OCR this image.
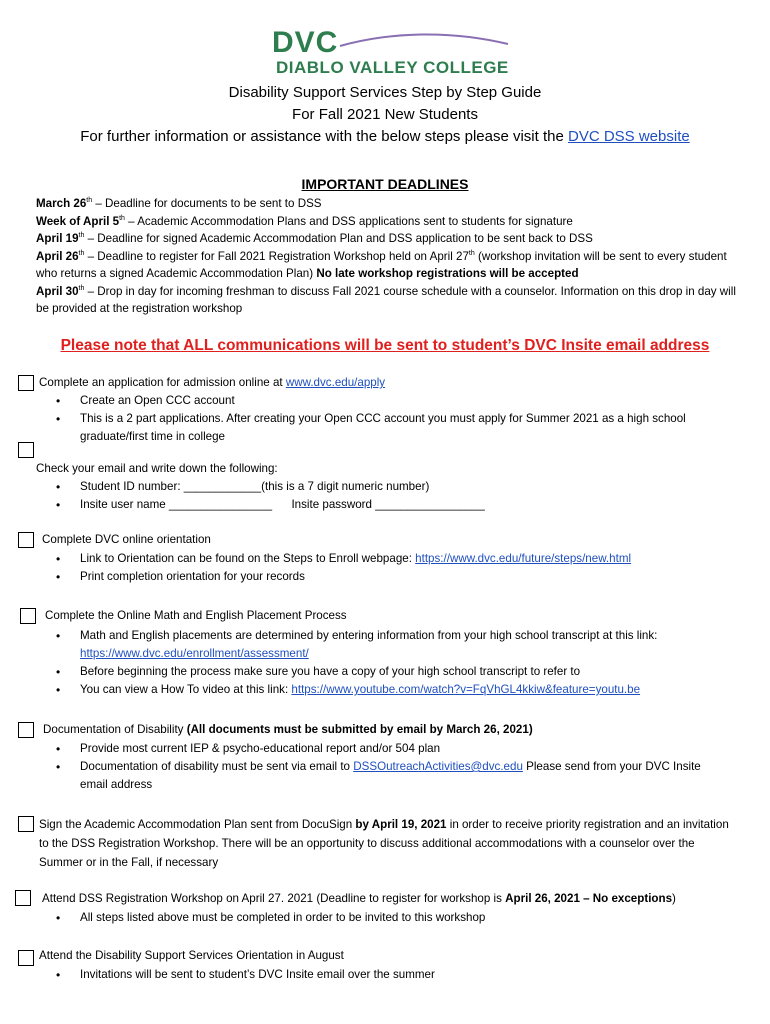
DVC
DIABLO VALLEY COLLEGE
Disability Support Services Step by Step Guide
For Fall 2021 New Students
For further information or assistance with the below steps please visit the DVC DSS website
IMPORTANT DEADLINES
March 26th – Deadline for documents to be sent to DSS
Week of April 5th – Academic Accommodation Plans and DSS applications sent to students for signature
April 19th – Deadline for signed Academic Accommodation Plan and DSS application to be sent back to DSS
April 26th – Deadline to register for Fall 2021 Registration Workshop held on April 27th (workshop invitation will be sent to every student who returns a signed Academic Accommodation Plan) No late workshop registrations will be accepted
April 30th – Drop in day for incoming freshman to discuss Fall 2021 course schedule with a counselor. Information on this drop in day will be provided at the registration workshop
Please note that ALL communications will be sent to student’s DVC Insite email address
Complete an application for admission online at www.dvc.edu/apply
• Create an Open CCC account
• This is a 2 part applications. After creating your Open CCC account you must apply for Summer 2021 as a high school graduate/first time in college
Check your email and write down the following:
• Student ID number: ____________(this is a 7 digit numeric number)
• Insite user name ________________ Insite password _________________
Complete DVC online orientation
• Link to Orientation can be found on the Steps to Enroll webpage: https://www.dvc.edu/future/steps/new.html
• Print completion orientation for your records
Complete the Online Math and English Placement Process
• Math and English placements are determined by entering information from your high school transcript at this link: https://www.dvc.edu/enrollment/assessment/
• Before beginning the process make sure you have a copy of your high school transcript to refer to
• You can view a How To video at this link: https://www.youtube.com/watch?v=FqVhGL4kkiw&feature=youtu.be
Documentation of Disability (All documents must be submitted by email by March 26, 2021)
• Provide most current IEP & psycho-educational report and/or 504 plan
• Documentation of disability must be sent via email to DSSOutreachActivities@dvc.edu Please send from your DVC Insite email address
Sign the Academic Accommodation Plan sent from DocuSign by April 19, 2021 in order to receive priority registration and an invitation to the DSS Registration Workshop. There will be an opportunity to discuss additional accommodations with a counselor over the Summer or in the Fall, if necessary
Attend DSS Registration Workshop on April 27. 2021 (Deadline to register for workshop is April 26, 2021 – No exceptions)
• All steps listed above must be completed in order to be invited to this workshop
Attend the Disability Support Services Orientation in August
• Invitations will be sent to student’s DVC Insite email over the summer
